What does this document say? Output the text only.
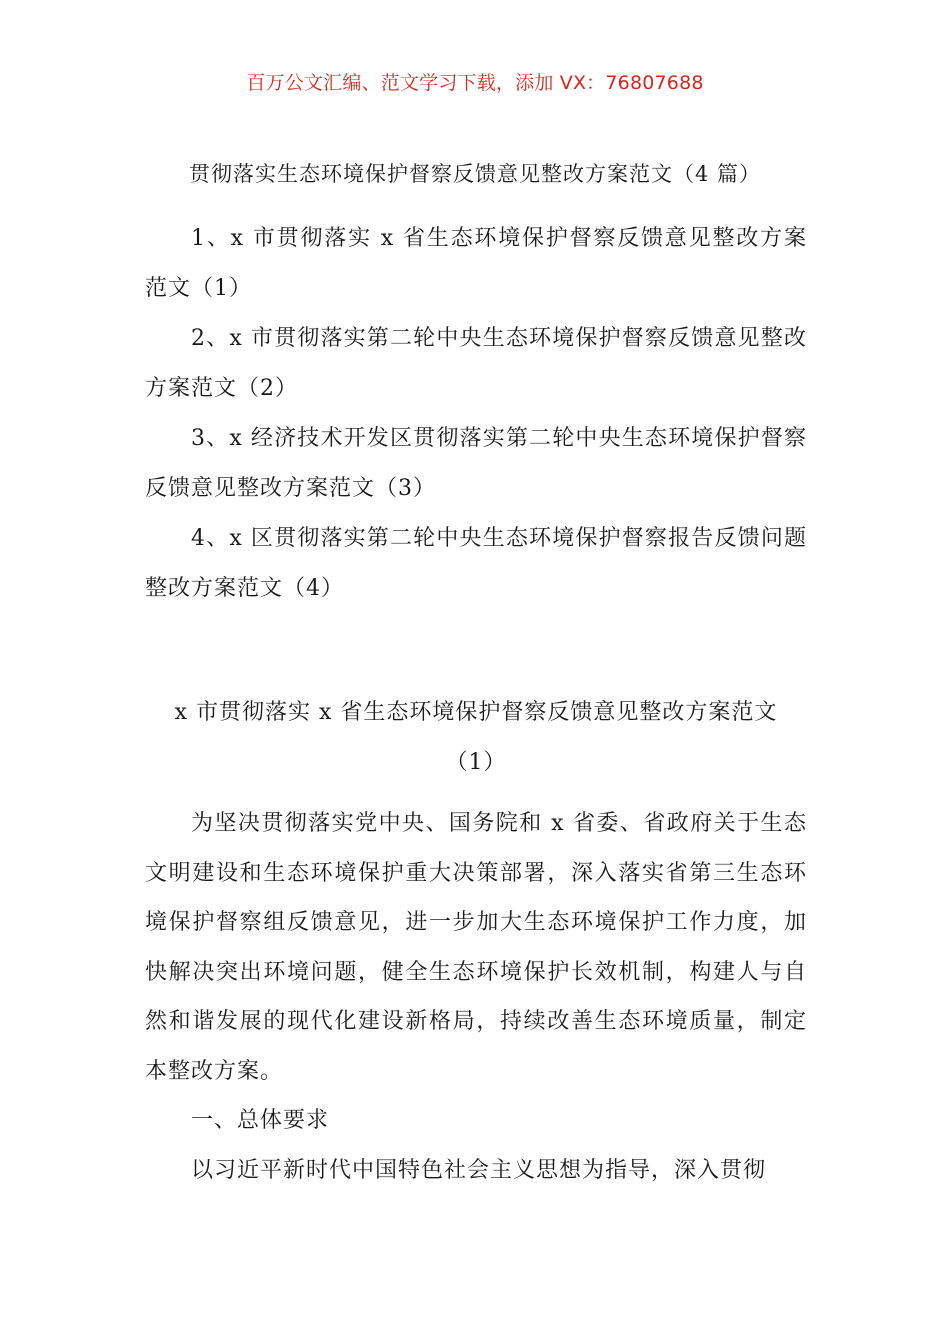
百万公文汇编、范文学习下载，添加 VX：76807688
贯彻落实生态环境保护督察反馈意见整改方案范文（4 篇）
1、x 市贯彻落实 x 省生态环境保护督察反馈意见整改方案范文（1）
2、x 市贯彻落实第二轮中央生态环境保护督察反馈意见整改方案范文（2）
3、x 经济技术开发区贯彻落实第二轮中央生态环境保护督察反馈意见整改方案范文（3）
4、x 区贯彻落实第二轮中央生态环境保护督察报告反馈问题整改方案范文（4）
x 市贯彻落实 x 省生态环境保护督察反馈意见整改方案范文
（1）
为坚决贯彻落实党中央、国务院和 x 省委、省政府关于生态文明建设和生态环境保护重大决策部署，深入落实省第三生态环境保护督察组反馈意见，进一步加大生态环境保护工作力度，加快解决突出环境问题，健全生态环境保护长效机制，构建人与自然和谐发展的现代化建设新格局，持续改善生态环境质量，制定本整改方案。
一、总体要求
以习近平新时代中国特色社会主义思想为指导，深入贯彻
